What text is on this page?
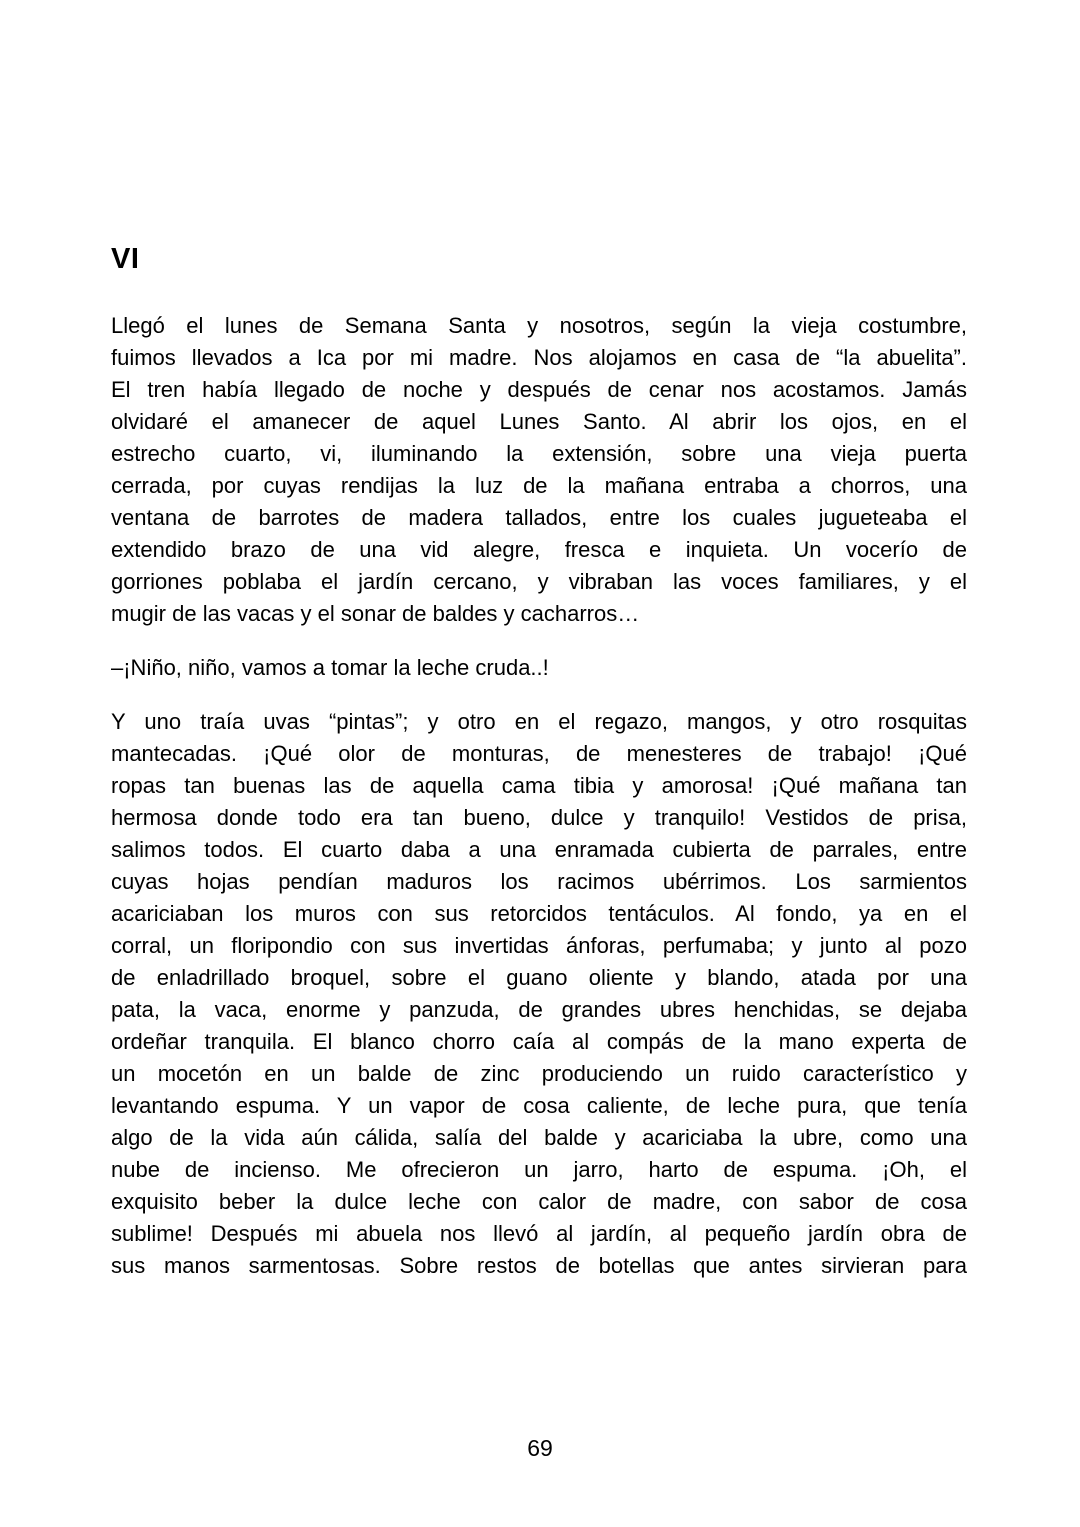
VI
Llegó el lunes de Semana Santa y nosotros, según la vieja costumbre,
fuimos llevados a Ica por mi madre. Nos alojamos en casa de “la abuelita”.
El tren había llegado de noche y después de cenar nos acostamos. Jamás
olvidaré el amanecer de aquel Lunes Santo. Al abrir los ojos, en el
estrecho cuarto, vi, iluminando la extensión, sobre una vieja puerta
cerrada, por cuyas rendijas la luz de la mañana entraba a chorros, una
ventana de barrotes de madera tallados, entre los cuales jugueteaba el
extendido brazo de una vid alegre, fresca e inquieta. Un vocerío de
gorriones poblaba el jardín cercano, y vibraban las voces familiares, y el
mugir de las vacas y el sonar de baldes y cacharros…
–¡Niño, niño, vamos a tomar la leche cruda..!
Y uno traía uvas “pintas”; y otro en el regazo, mangos, y otro rosquitas
mantecadas. ¡Qué olor de monturas, de menesteres de trabajo! ¡Qué
ropas tan buenas las de aquella cama tibia y amorosa! ¡Qué mañana tan
hermosa donde todo era tan bueno, dulce y tranquilo! Vestidos de prisa,
salimos todos. El cuarto daba a una enramada cubierta de parrales, entre
cuyas hojas pendían maduros los racimos ubérrimos. Los sarmientos
acariciaban los muros con sus retorcidos tentáculos. Al fondo, ya en el
corral, un floripondio con sus invertidas ánforas, perfumaba; y junto al pozo
de enladrillado broquel, sobre el guano oliente y blando, atada por una
pata, la vaca, enorme y panzuda, de grandes ubres henchidas, se dejaba
ordeñar tranquila. El blanco chorro caía al compás de la mano experta de
un mocetón en un balde de zinc produciendo un ruido característico y
levantando espuma. Y un vapor de cosa caliente, de leche pura, que tenía
algo de la vida aún cálida, salía del balde y acariciaba la ubre, como una
nube de incienso. Me ofrecieron un jarro, harto de espuma. ¡Oh, el
exquisito beber la dulce leche con calor de madre, con sabor de cosa
sublime! Después mi abuela nos llevó al jardín, al pequeño jardín obra de
sus manos sarmentosas. Sobre restos de botellas que antes sirvieran para
69
